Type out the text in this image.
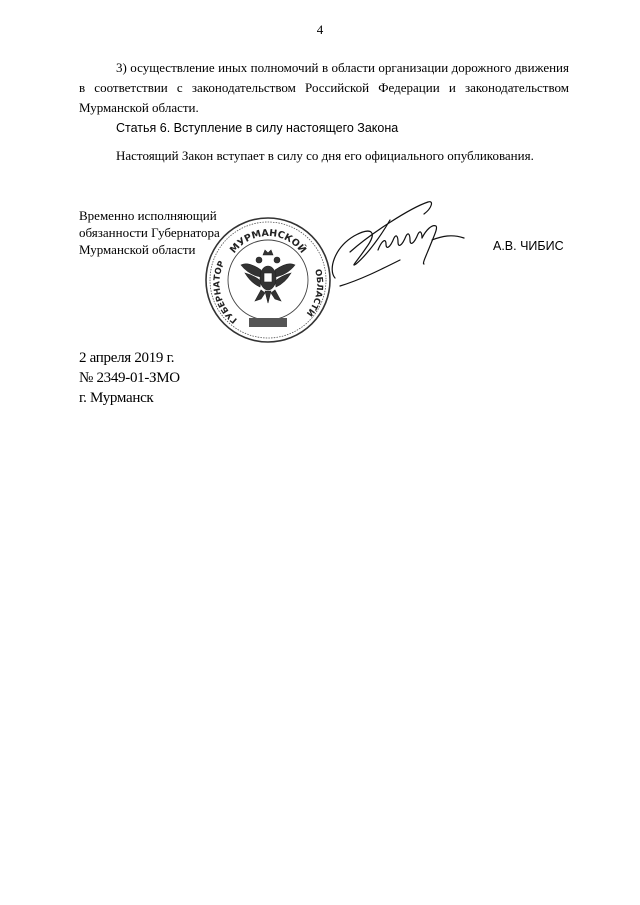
4
3) осуществление иных полномочий в области организации дорожного движения в соответствии с законодательством Российской Федерации и законодательством Мурманской области.
Статья 6. Вступление в силу настоящего Закона
Настоящий Закон вступает в силу со дня его официального опубликования.
Временно исполняющий
обязанности Губернатора
Мурманской области	МУРМАНСКОЙ
ГУБЕРНАТОР
ОБЛАСТИ
А.В. ЧИБИС
2 апреля 2019 г.
№ 2349-01-ЗМО
г. Мурманск
